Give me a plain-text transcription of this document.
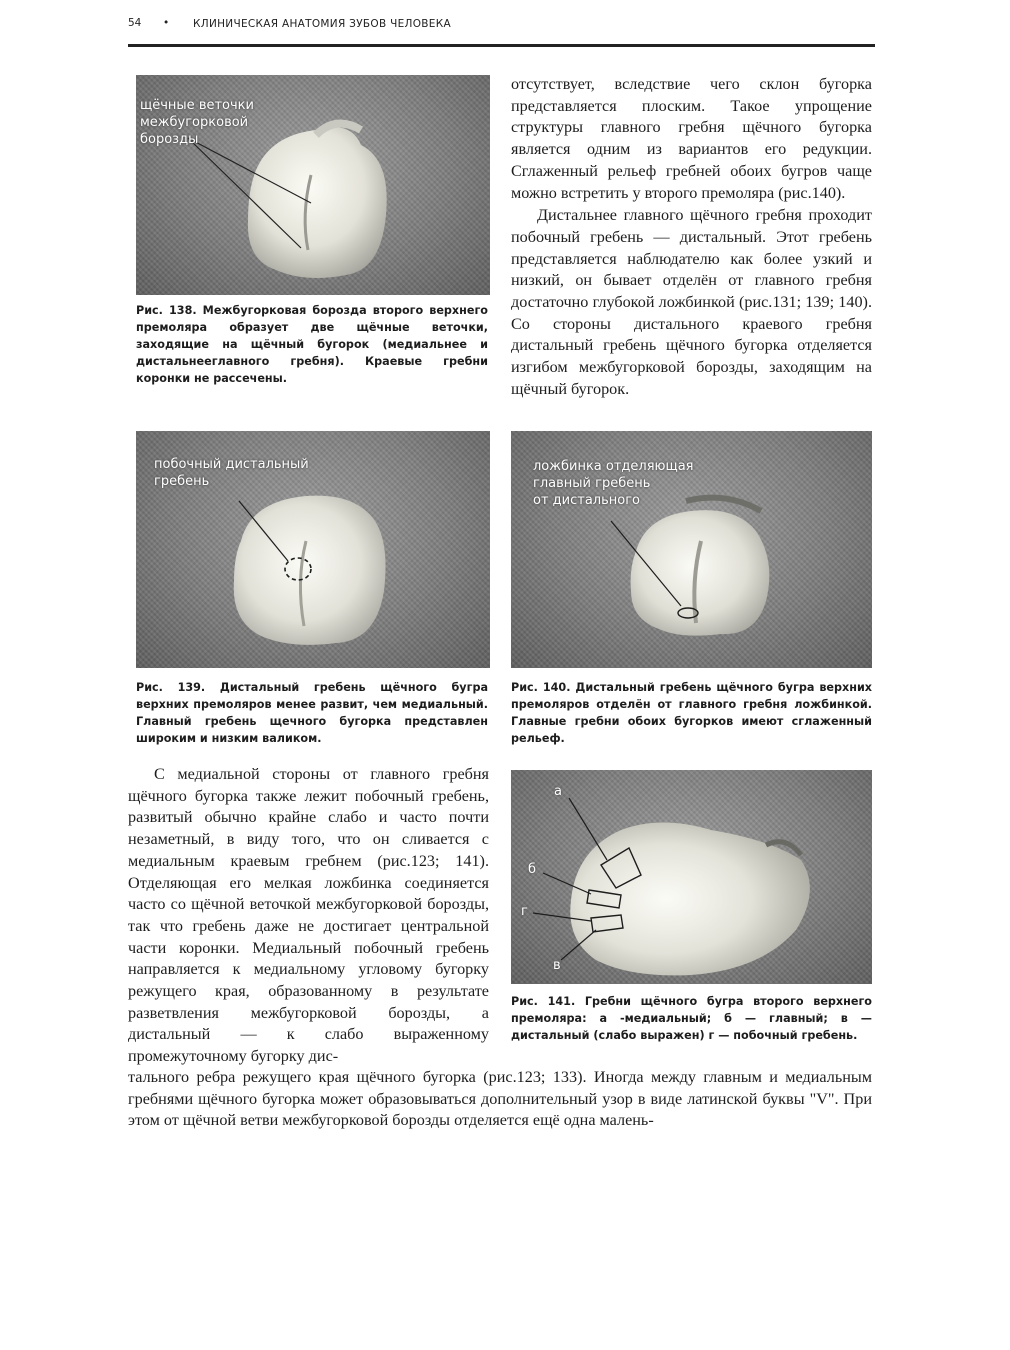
54 • КЛИНИЧЕСКАЯ АНАТОМИЯ ЗУБОВ ЧЕЛОВЕКА
щёчные веточки
межбугорковой
борозды
Рис. 138. Межбугорковая борозда второго верхнего премоляра образует две щёчные веточки, заходящие на щёчный бугорок (медиальнее и дистальнееглавного гребня). Краевые гребни коронки не рассечены.

отсутствует, вследствие чего склон бугорка представляется плоским. Такое упрощение структуры главного гребня щёчного бугорка является одним из вариантов его редукции. Сглаженный рельеф гребней обоих бугров чаще можно встретить у второго премоляра (рис.140).

Дистальнее главного щёчного гребня проходит побочный гребень — дистальный. Этот гребень представляется наблюдателю как более узкий и низкий, он бывает отделён от главного гребня достаточно глубокой ложбинкой (рис.131; 139; 140). Со стороны дистального краевого гребня дистальный гребень щёчного бугорка отделяется изгибом межбугорковой борозды, заходящим на щёчный бугорок.

побочный дистальный
гребень
Рис. 139. Дистальный гребень щёчного бугра верхних премоляров менее развит, чем медиальный. Главный гребень щечного бугорка представлен широким и низким валиком.
ложбинка отделяющая
главный гребень
от дистального
Рис. 140. Дистальный гребень щёчного бугра верхних премоляров отделён от главного гребня ложбинкой. Главные гребни обоих бугорков имеют сглаженный рельеф.

С медиальной стороны от главного гребня щёчного бугорка также лежит побочный гребень, развитый обычно крайне слабо и часто почти незаметный, в виду того, что он сливается с медиальным краевым гребнем (рис.123; 141). Отделяющая его мелкая ложбинка соединяется часто со щёчной веточкой межбугорковой борозды, так что гребень даже не достигает центральной части коронки. Медиальный побочный гребень направляется к медиальному угловому бугорку режущего края, образованному в результате разветвления межбугорковой борозды, а дистальный — к слабо выраженному промежуточному бугорку дис-

а
б
г
в
Рис. 141. Гребни щёчного бугра второго верхнего премоляра: а -медиальный; б — главный; в — дистальный (слабо выражен) г — побочный гребень.

тального ребра режущего края щёчного бугорка (рис.123; 133). Иногда между главным и медиальным гребнями щёчного бугорка может образовываться дополнительный узор в виде латинской буквы "V". При этом от щёчной ветви межбугорковой борозды отделяется ещё одна малень-
